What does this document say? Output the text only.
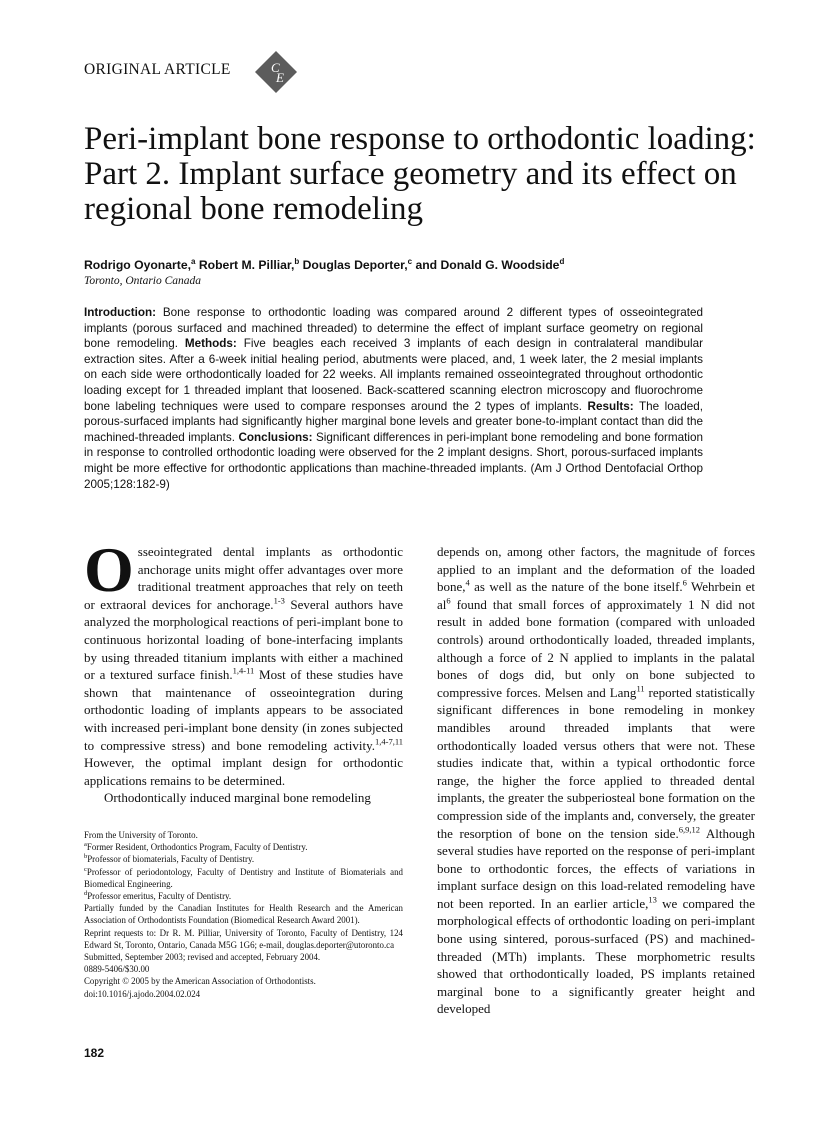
ORIGINAL ARTICLE	C
E
Peri-implant bone response to orthodontic loading: Part 2. Implant surface geometry and its effect on regional bone remodeling
Rodrigo Oyonarte,$^a$ Robert M. Pilliar,$^b$ Douglas Deporter,$^c$ and Donald G. Woodside$^d$
Toronto, Ontario Canada
Introduction: Bone response to orthodontic loading was compared around 2 different types of osseointegrated implants (porous surfaced and machined threaded) to determine the effect of implant surface geometry on regional bone remodeling. Methods: Five beagles each received 3 implants of each design in contralateral mandibular extraction sites. After a 6-week initial healing period, abutments were placed, and, 1 week later, the 2 mesial implants on each side were orthodontically loaded for 22 weeks. All implants remained osseointegrated throughout orthodontic loading except for 1 threaded implant that loosened. Back-scattered scanning electron microscopy and fluorochrome bone labeling techniques were used to compare responses around the 2 types of implants. Results: The loaded, porous-surfaced implants had significantly higher marginal bone levels and greater bone-to-implant contact than did the machined-threaded implants. Conclusions: Significant differences in peri-implant bone remodeling and bone formation in response to controlled orthodontic loading were observed for the 2 implant designs. Short, porous-surfaced implants might be more effective for orthodontic applications than machine-threaded implants. (Am J Orthod Dentofacial Orthop 2005;128:182-9)

Osseointegrated dental implants as orthodontic anchorage units might offer advantages over more traditional treatment approaches that rely on teeth or extraoral devices for anchorage.$^{1-3}$ Several authors have analyzed the morphological reactions of peri-implant bone to continuous horizontal loading of bone-interfacing implants by using threaded titanium implants with either a machined or a textured surface finish.$^{1,4-11}$ Most of these studies have shown that maintenance of osseointegration during orthodontic loading of implants appears to be associated with increased peri-implant bone density (in zones subjected to compressive stress) and bone remodeling activity.$^{1,4-7,11}$ However, the optimal implant design for orthodontic applications remains to be determined.

Orthodontically induced marginal bone remodeling

depends on, among other factors, the magnitude of forces applied to an implant and the deformation of the loaded bone,$^4$ as well as the nature of the bone itself.$^6$ Wehrbein et $al^6$ found that small forces of approximately 1 N did not result in added bone formation (compared with unloaded controls) around orthodontically loaded, threaded implants, although a force of 2 N applied to implants in the palatal bones of dogs did, but only on bone subjected to compressive forces. Melsen and Lang$^{11}$ reported statistically significant differences in bone remodeling in monkey mandibles around threaded implants that were orthodontically loaded versus others that were not. These studies indicate that, within a typical orthodontic force range, the higher the force applied to threaded dental implants, the greater the subperiosteal bone formation on the compression side of the implants and, conversely, the greater the resorption of bone on the tension side.$^{6,9,12}$ Although several studies have reported on the response of peri-implant bone to orthodontic forces, the effects of variations in implant surface design on this load-related remodeling have not been reported. In an earlier article,$^{13}$ we compared the morphological effects of orthodontic loading on peri-implant bone using sintered, porous-surfaced (PS) and machined-threaded (MTh) implants. These morphometric results showed that orthodontically loaded, PS implants retained marginal bone to a significantly greater height and developed

From the University of Toronto.
$^a$Former Resident, Orthodontics Program, Faculty of Dentistry.
$^b$Professor of biomaterials, Faculty of Dentistry.
$^c$Professor of periodontology, Faculty of Dentistry and Institute of Biomaterials and Biomedical Engineering.
$^d$Professor emeritus, Faculty of Dentistry.
Partially funded by the Canadian Institutes for Health Research and the American Association of Orthodontists Foundation (Biomedical Research Award 2001).
Reprint requests to: Dr R. M. Pilliar, University of Toronto, Faculty of Dentistry, 124 Edward St, Toronto, Ontario, Canada M5G 1G6; e-mail, douglas.deporter@utoronto.ca
Submitted, September 2003; revised and accepted, February 2004.
0889-5406/$30.00
Copyright © 2005 by the American Association of Orthodontists.
doi:10.1016/j.ajodo.2004.02.024
182
